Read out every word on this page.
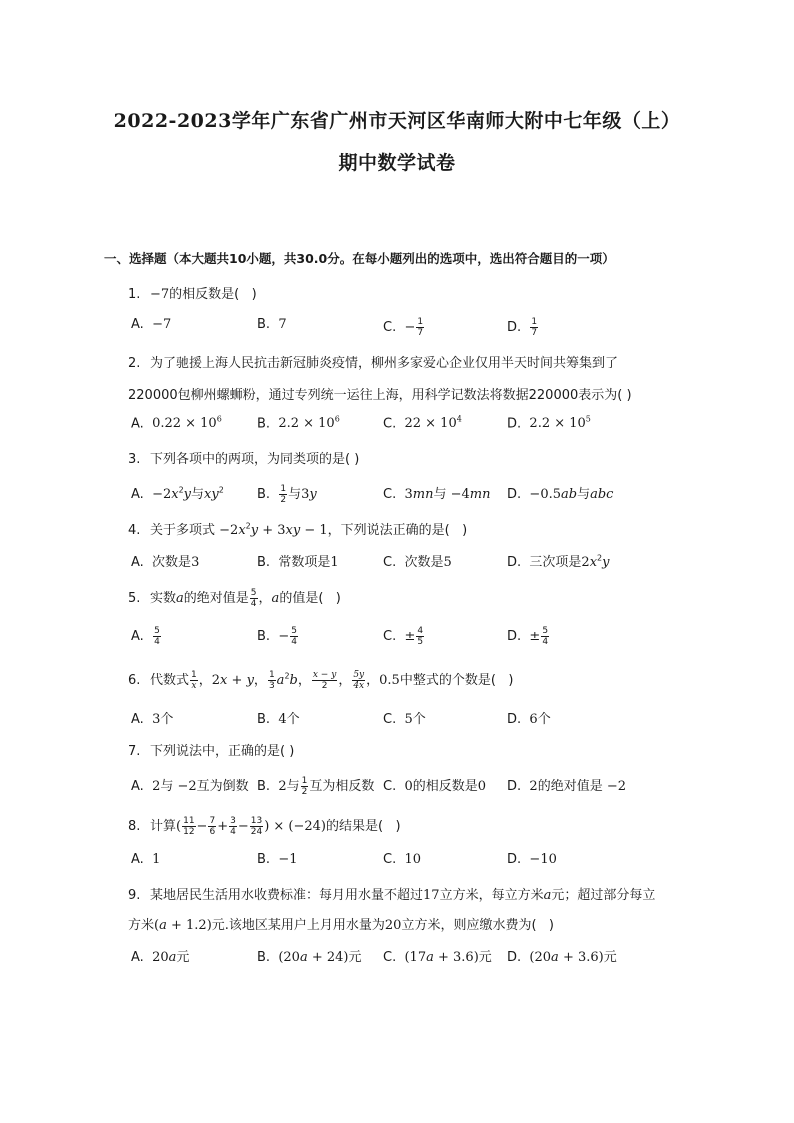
2022-2023学年广东省广州市天河区华南师大附中七年级（上）
期中数学试卷
一、选择题（本大题共10小题，共30.0分。在每小题列出的选项中，选出符合题目的一项）
1. −7的相反数是(   )
A.  −7	B.  7	C.  − $\frac{1}{7}$	D. $\frac{1}{7}$
2. 为了驰援上海人民抗击新冠肺炎疫情，柳州多家爱心企业仅用半天时间共筹集到了
220000包柳州螺蛳粉，通过专列统一运往上海，用科学记数法将数据220000表示为( )
A.  $0.22 \times 10^6$	B.  $2.2 \times 10^6$	C.  $22 \times 10^4$	D.  $2.2 \times 10^5$
3. 下列各项中的两项，为同类项的是( )
A.  $-2x^2y$与$xy^2$	B. $\frac{1}{2}$ 与3y	C.  3mn与 −4mn D.  −0.5ab与abc
4. 关于多项式 $-2x^2y + 3xy - 1$，下列说法正确的是(   )
A.  次数是3	B.  常数项是1	C.  次数是5	D.  三次项是$2x^2y$
5. 实数a的绝对值是 $\frac{5}{4}$ ，a的值是(   )
A. $\frac{5}{4}$	B.  − $\frac{5}{4}$	C.  ± $\frac{4}{5}$	D.  ± $\frac{5}{4}$
6. 代数式 $\frac{1}{x}$ ，2x + y， $\frac{1}{3} a^2b$， $\frac{x - y}{2}$ ， $\frac{5y}{4x}$ ，0.5中整式的个数是(   )
A.  3个	B.  4个	C.  5个	D.  6个
7. 下列说法中，正确的是( )
A.  2与 −2互为倒数 B.  2与 $\frac{1}{2}$ 互为相反数 C.  0的相反数是0 D.  2的绝对值是 −2
8. 计算( $\frac{11}{12} - \frac{7}{6} + \frac{3}{4} - \frac{13}{24}$ ) × (−24)的结果是(   )
A.  1	B.  −1	C.  10	D.  −10
9. 某地居民生活用水收费标准：每月用水量不超过17立方米，每立方米a元；超过部分每立
方米(a + 1.2)元.该地区某用户上月用水量为20立方米，则应缴水费为(   )
A.  20a元	B.  (20a + 24)元 C.  (17a + 3.6)元 D.  (20a + 3.6)元
